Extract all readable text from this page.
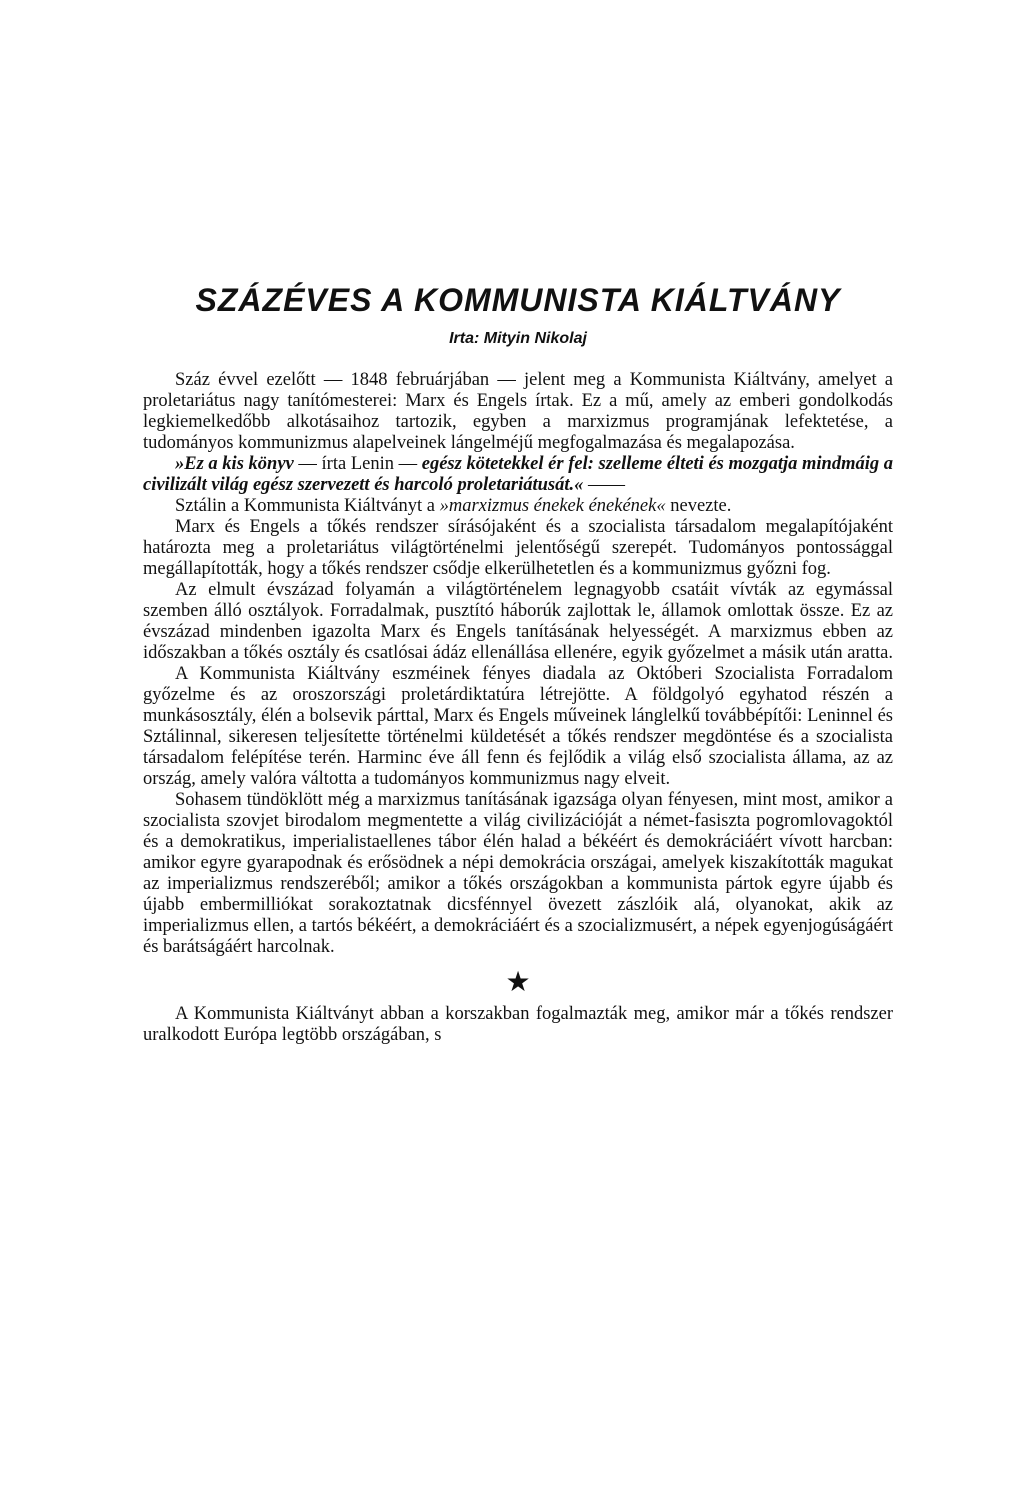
SZÁZÉVES A KOMMUNISTA KIÁLTVÁNY
Irta: Mityin Nikolaj

Száz évvel ezelőtt — 1848 februárjában — jelent meg a Kommunista Kiáltvány, amelyet a proletariátus nagy tanítómesterei: Marx és Engels írtak. Ez a mű, amely az emberi gondolkodás legkiemelkedőbb alkotásaihoz tartozik, egyben a marxizmus programjának lefektetése, a tudományos kommunizmus alapelveinek lángelméjű megfogalmazása és megalapozása.

»Ez a kis könyv — írta Lenin — egész kötetekkel ér fel: szelleme élteti és mozgatja mindmáig a civilizált világ egész szervezett és harcoló proletariátusát.« ——

Sztálin a Kommunista Kiáltványt a »marxizmus énekek énekének« nevezte.

Marx és Engels a tőkés rendszer sírásójaként és a szocialista társadalom megalapítójaként határozta meg a proletariátus világtörténelmi jelentőségű szerepét. Tudományos pontossággal megállapították, hogy a tőkés rendszer csődje elkerülhetetlen és a kommunizmus győzni fog.

Az elmult évszázad folyamán a világtörténelem legnagyobb csatáit vívták az egymással szemben álló osztályok. Forradalmak, pusztító háborúk zajlottak le, államok omlottak össze. Ez az évszázad mindenben igazolta Marx és Engels tanításának helyességét. A marxizmus ebben az időszakban a tőkés osztály és csatlósai ádáz ellenállása ellenére, egyik győzelmet a másik után aratta.

A Kommunista Kiáltvány eszméinek fényes diadala az Októberi Szocialista Forradalom győzelme és az oroszországi proletárdiktatúra létrejötte. A földgolyó egyhatod részén a munkásosztály, élén a bolsevik párttal, Marx és Engels műveinek lánglelkű továbbépítői: Leninnel és Sztálinnal, sikeresen teljesítette történelmi küldetését a tőkés rendszer megdöntése és a szocialista társadalom felépítése terén. Harminc éve áll fenn és fejlődik a világ első szocialista állama, az az ország, amely valóra váltotta a tudományos kommunizmus nagy elveit.

Sohasem tündöklött még a marxizmus tanításának igazsága olyan fényesen, mint most, amikor a szocialista szovjet birodalom megmentette a világ civilizációját a német-fasiszta pogromlovagoktól és a demokratikus, imperialistaellenes tábor élén halad a békéért és demokráciáért vívott harcban: amikor egyre gyarapodnak és erősödnek a népi demokrácia országai, amelyek kiszakították magukat az imperializmus rendszeréből; amikor a tőkés országokban a kommunista pártok egyre újabb és újabb embermilliókat sorakoztatnak dicsfénnyel övezett zászlóik alá, olyanokat, akik az imperializmus ellen, a tartós békéért, a demokráciáért és a szocializmusért, a népek egyenjogúságáért és barátságáért harcolnak.

★

A Kommunista Kiáltványt abban a korszakban fogalmazták meg, amikor már a tőkés rendszer uralkodott Európa legtöbb országában, s
